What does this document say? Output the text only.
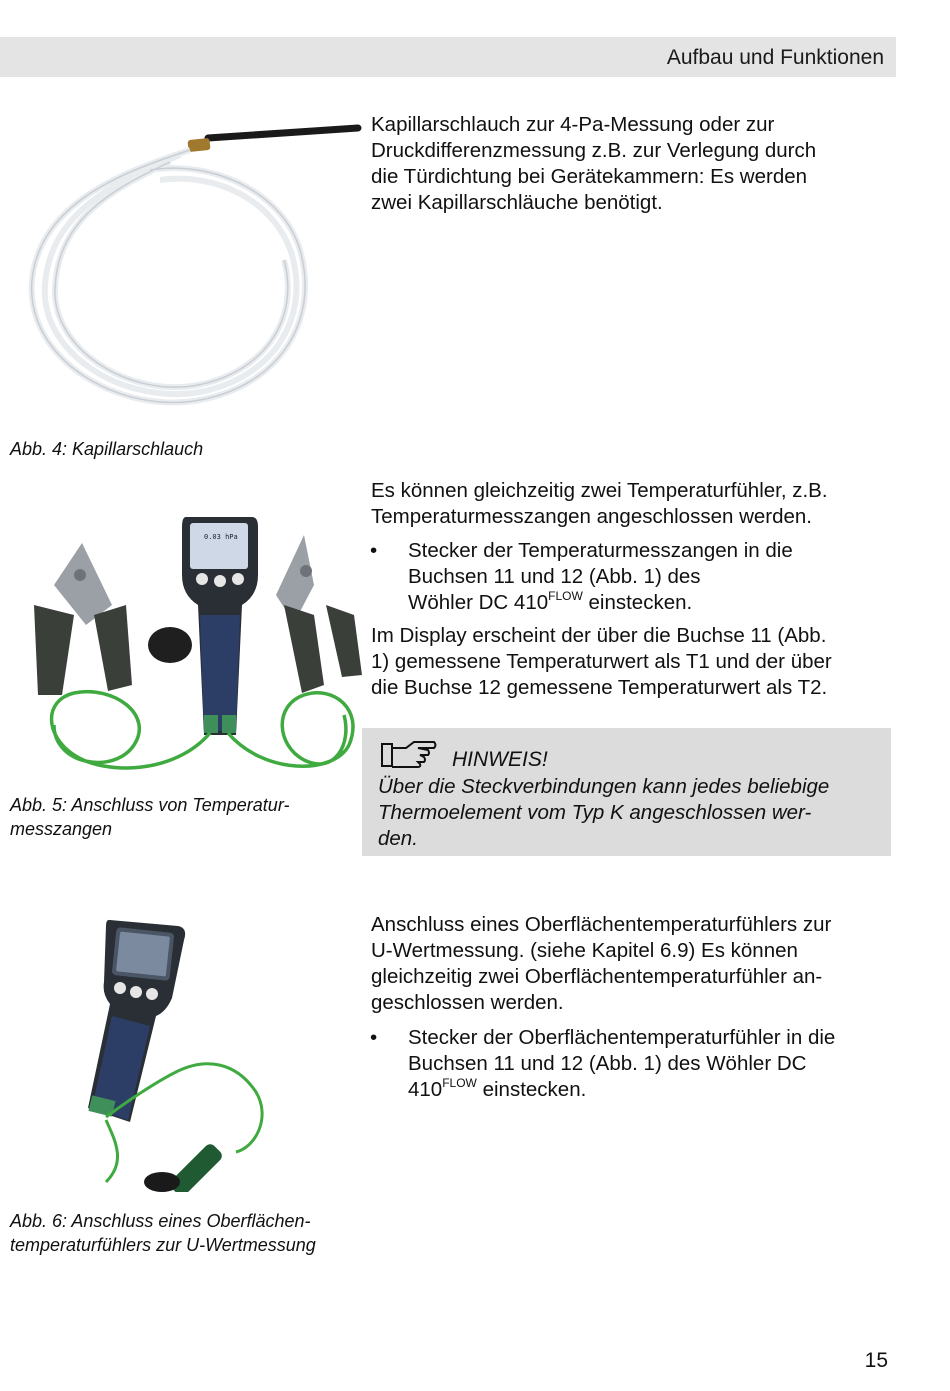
Aufbau und Funktionen
Abb. 4: Kapillarschlauch
Kapillarschlauch zur 4-Pa-Messung oder zur
Druckdifferenzmessung z.B. zur Verlegung durch
die Türdichtung bei Gerätekammern: Es werden
zwei Kapillarschläuche benötigt.
0.03 hPa
Abb. 5: Anschluss von Temperatur-
messzangen
Es können gleichzeitig zwei Temperaturfühler, z.B.
Temperaturmesszangen angeschlossen werden.
• Stecker der Temperaturmesszangen in die
Buchsen 11 und 12 (Abb. 1) des
Wöhler DC $410^{FLOW}$ einstecken.
Im Display erscheint der über die Buchse 11 (Abb.
1) gemessene Temperaturwert als T1 und der über
die Buchse 12 gemessene Temperaturwert als T2.
HINWEIS!
Über die Steckverbindungen kann jedes beliebige
Thermoelement vom Typ K angeschlossen wer-
den.
Abb. 6: Anschluss eines Oberflächen-
temperaturfühlers zur U-Wertmessung
Anschluss eines Oberflächentemperaturfühlers zur
U-Wertmessung. (siehe Kapitel 6.9) Es können
gleichzeitig zwei Oberflächentemperaturfühler an-
geschlossen werden.
• Stecker der Oberflächentemperaturfühler in die
Buchsen 11 und 12 (Abb. 1) des Wöhler DC
$410^{FLOW}$ einstecken.
15
